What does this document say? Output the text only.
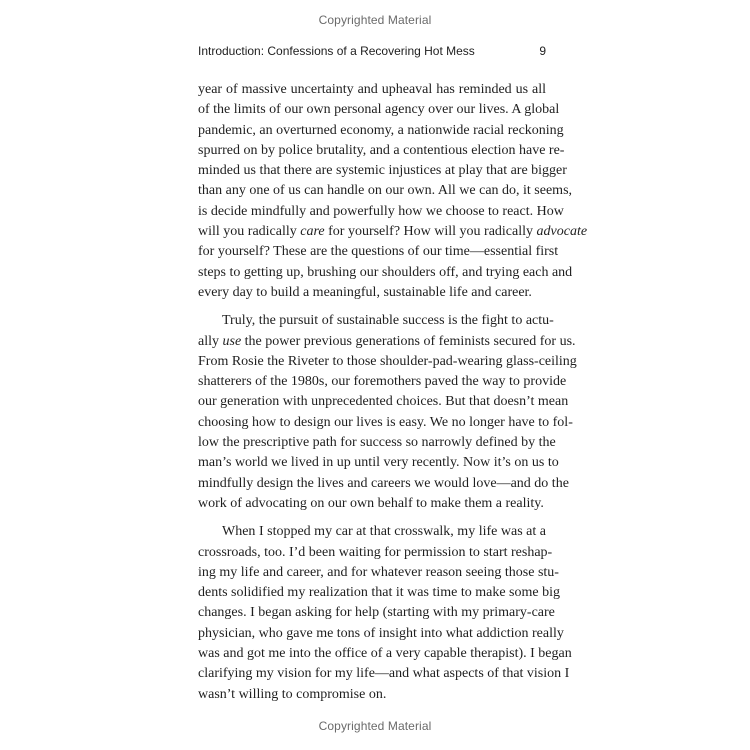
Copyrighted Material
Introduction: Confessions of a Recovering Hot Mess	9
year of massive uncertainty and upheaval has reminded us all
of the limits of our own personal agency over our lives. A global
pandemic, an overturned economy, a nationwide racial reckoning
spurred on by police brutality, and a contentious election have re-
minded us that there are systemic injustices at play that are bigger
than any one of us can handle on our own. All we can do, it seems,
is decide mindfully and powerfully how we choose to react. How
will you radically care for yourself? How will you radically advocate
for yourself? These are the questions of our time—essential first
steps to getting up, brushing our shoulders off, and trying each and
every day to build a meaningful, sustainable life and career.
Truly, the pursuit of sustainable success is the fight to actu-
ally use the power previous generations of feminists secured for us.
From Rosie the Riveter to those shoulder-pad-wearing glass-ceiling
shatterers of the 1980s, our foremothers paved the way to provide
our generation with unprecedented choices. But that doesn’t mean
choosing how to design our lives is easy. We no longer have to fol-
low the prescriptive path for success so narrowly defined by the
man’s world we lived in up until very recently. Now it’s on us to
mindfully design the lives and careers we would love—and do the
work of advocating on our own behalf to make them a reality.
When I stopped my car at that crosswalk, my life was at a
crossroads, too. I’d been waiting for permission to start reshap-
ing my life and career, and for whatever reason seeing those stu-
dents solidified my realization that it was time to make some big
changes. I began asking for help (starting with my primary-care
physician, who gave me tons of insight into what addiction really
was and got me into the office of a very capable therapist). I began
clarifying my vision for my life—and what aspects of that vision I
wasn’t willing to compromise on.
Copyrighted Material
